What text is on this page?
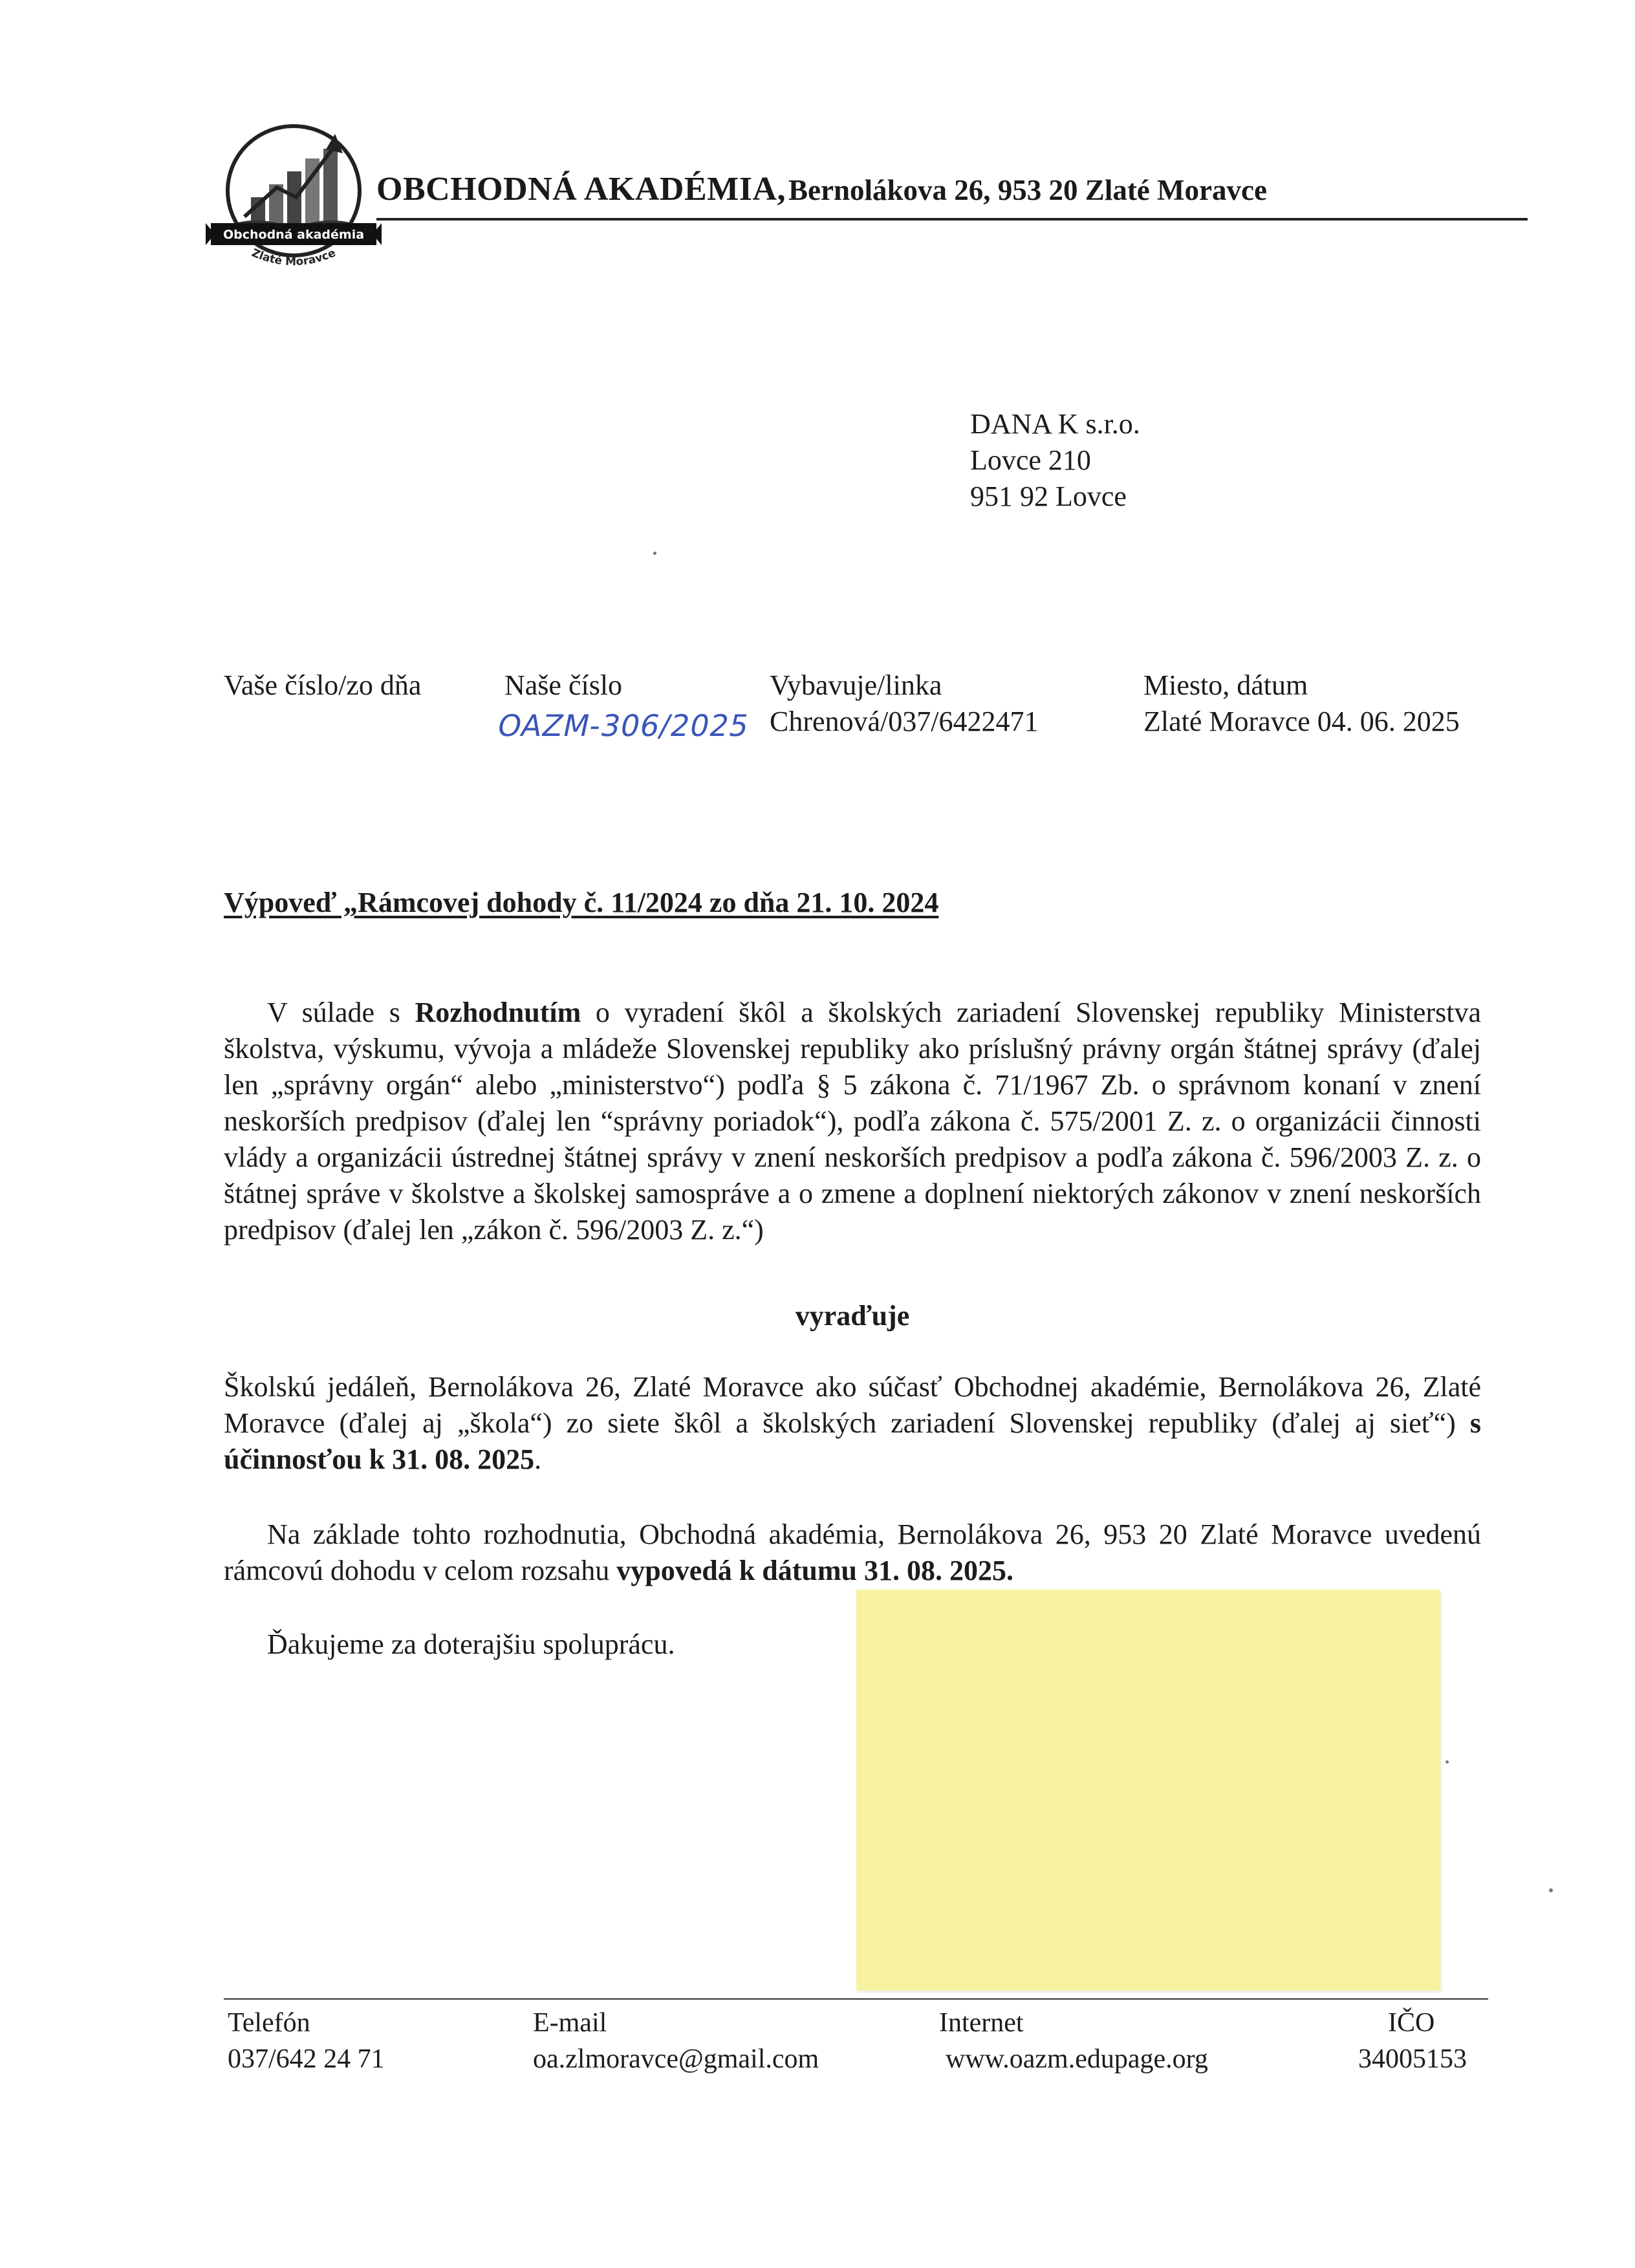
Obchodná akadémia
Zlaté Moravce
OBCHODNÁ AKADÉMIA, Bernolákova 26, 953 20 Zlaté Moravce
DANA K s.r.o.
Lovce 210
951 92 Lovce
Vaše číslo/zo dňa	Naše číslo
OAZM-306/2025
Vybavuje/linka
Chrenová/037/6422471
Miesto, dátum
Zlaté Moravce 04. 06. 2025
Výpoveď „Rámcovej dohody č. 11/2024 zo dňa 21. 10. 2024

V súlade s Rozhodnutím o vyradení škôl a školských zariadení Slovenskej republiky Ministerstva školstva, výskumu, vývoja a mládeže Slovenskej republiky ako príslušný právny orgán štátnej správy (ďalej len „správny orgán“ alebo „ministerstvo“) podľa § 5 zákona č. 71/1967 Zb. o správnom konaní v znení neskorších predpisov (ďalej len “správny poriadok“), podľa zákona č. 575/2001 Z. z. o organizácii činnosti vlády a organizácii ústrednej štátnej správy v znení neskorších predpisov a podľa zákona č. 596/2003 Z. z. o štátnej správe v školstve a školskej samospráve a o zmene a doplnení niektorých zákonov v znení neskorších predpisov (ďalej len „zákon č. 596/2003 Z. z.“)

vyraďuje

Školskú jedáleň, Bernolákova 26, Zlaté Moravce ako súčasť Obchodnej akadémie, Bernolákova 26, Zlaté Moravce (ďalej aj „škola“) zo siete škôl a školských zariadení Slovenskej republiky (ďalej aj sieť“) s účinnosťou k 31. 08. 2025.

Na základe tohto rozhodnutia, Obchodná akadémia, Bernolákova 26, 953 20 Zlaté Moravce uvedenú rámcovú dohodu v celom rozsahu vypovedá k dátumu 31. 08. 2025.

Ďakujeme za doterajšiu spoluprácu.
Telefón
037/642 24 71
E-mail
oa.zlmoravce@gmail.com
Internet
www.oazm.edupage.org
IČO
34005153
